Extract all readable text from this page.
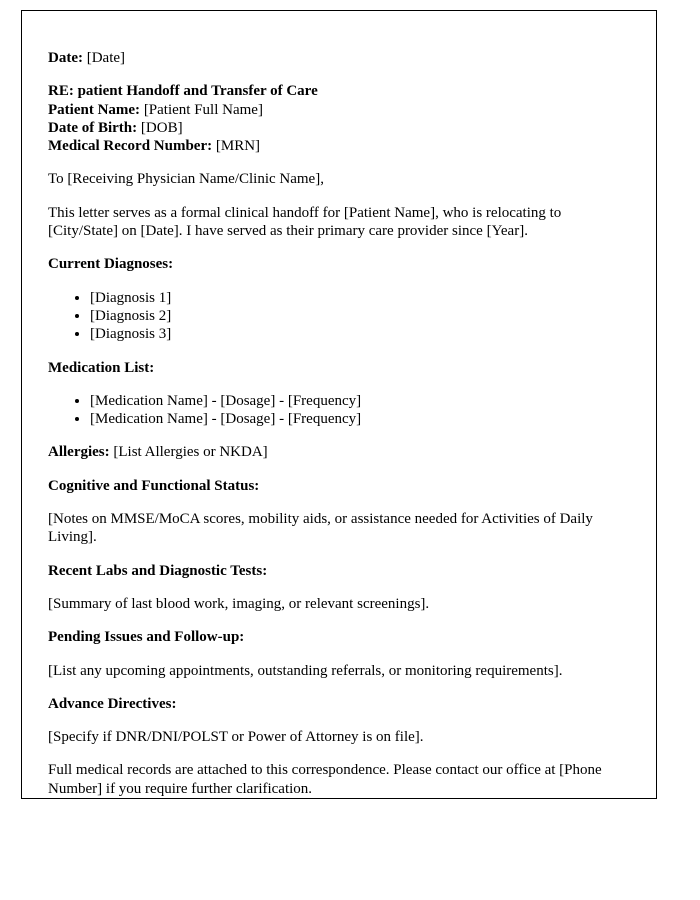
Date: [Date]

RE: patient Handoff and Transfer of Care
Patient Name: [Patient Full Name]
Date of Birth: [DOB]
Medical Record Number: [MRN]

To [Receiving Physician Name/Clinic Name],

This letter serves as a formal clinical handoff for [Patient Name], who is relocating to [City/State] on [Date]. I have served as their primary care provider since [Year].

Current Diagnoses:

• [Diagnosis 1]
• [Diagnosis 2]
• [Diagnosis 3]

Medication List:

• [Medication Name] - [Dosage] - [Frequency]
• [Medication Name] - [Dosage] - [Frequency]

Allergies: [List Allergies or NKDA]

Cognitive and Functional Status:

[Notes on MMSE/MoCA scores, mobility aids, or assistance needed for Activities of Daily Living].

Recent Labs and Diagnostic Tests:

[Summary of last blood work, imaging, or relevant screenings].

Pending Issues and Follow-up:

[List any upcoming appointments, outstanding referrals, or monitoring requirements].

Advance Directives:

[Specify if DNR/DNI/POLST or Power of Attorney is on file].

Full medical records are attached to this correspondence. Please contact our office at [Phone Number] if you require further clarification.
